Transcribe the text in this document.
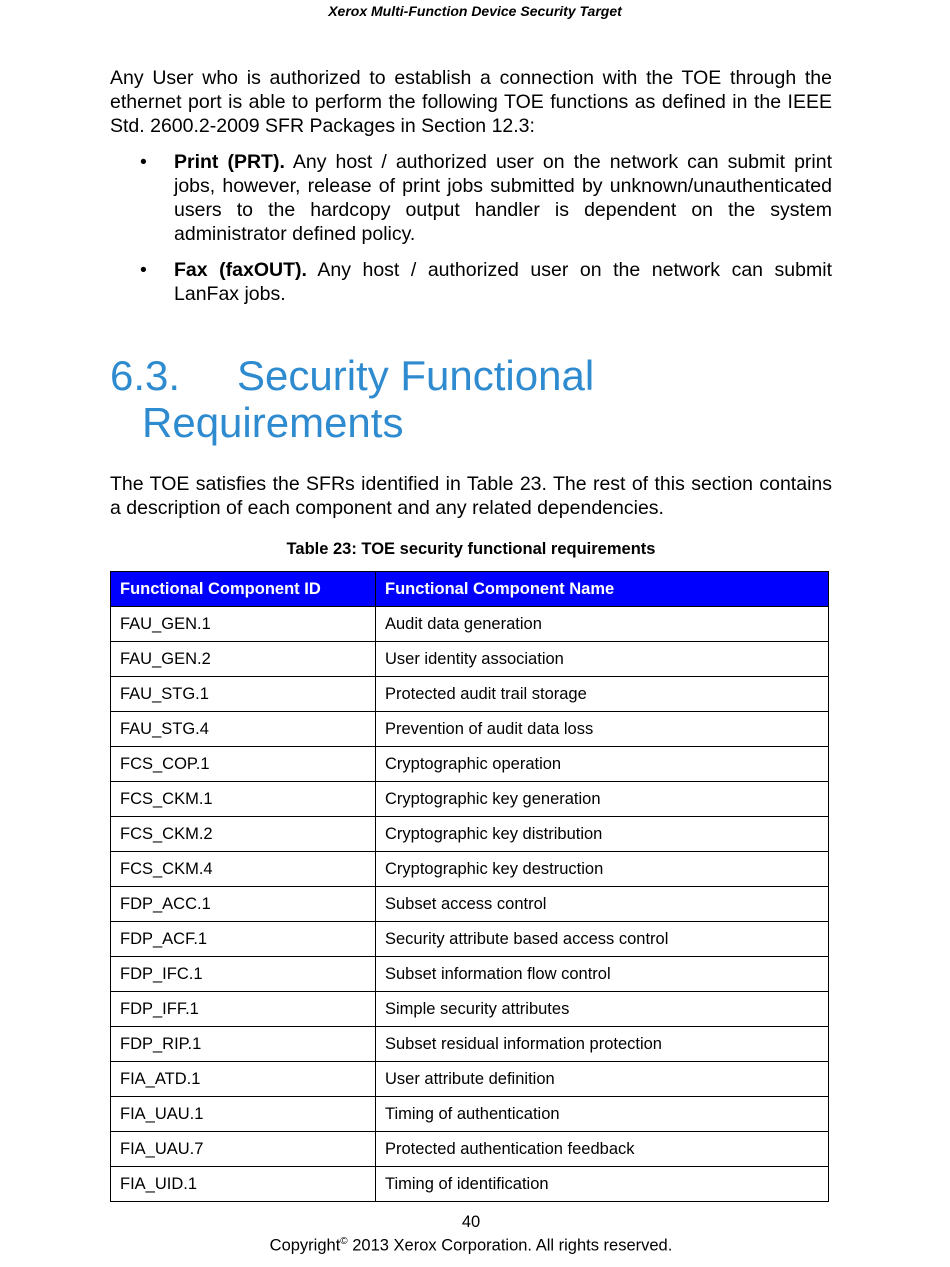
Xerox Multi-Function Device Security Target

Any User who is authorized to establish a connection with the TOE through the ethernet port is able to perform the following TOE functions as defined in the IEEE Std. 2600.2-2009 SFR Packages in Section 12.3:

• Print (PRT). Any host / authorized user on the network can submit print jobs, however, release of print jobs submitted by unknown/unauthenticated users to the hardcopy output handler is dependent on the system administrator defined policy.
• Fax (faxOUT). Any host / authorized user on the network can submit LanFax jobs.
6.3. Security Functional
Requirements

The TOE satisfies the SFRs identified in Table 23. The rest of this section contains a description of each component and any related dependencies.

Table 23: TOE security functional requirements
Functional Component ID	Functional Component Name
FAU_GEN.1	Audit data generation
FAU_GEN.2	User identity association
FAU_STG.1	Protected audit trail storage
FAU_STG.4	Prevention of audit data loss
FCS_COP.1	Cryptographic operation
FCS_CKM.1	Cryptographic key generation
FCS_CKM.2	Cryptographic key distribution
FCS_CKM.4	Cryptographic key destruction
FDP_ACC.1	Subset access control
FDP_ACF.1	Security attribute based access control
FDP_IFC.1	Subset information flow control
FDP_IFF.1	Simple security attributes
FDP_RIP.1	Subset residual information protection
FIA_ATD.1	User attribute definition
FIA_UAU.1	Timing of authentication
FIA_UAU.7	Protected authentication feedback
FIA_UID.1	Timing of identification
40
Copyright© 2013 Xerox Corporation. All rights reserved.
